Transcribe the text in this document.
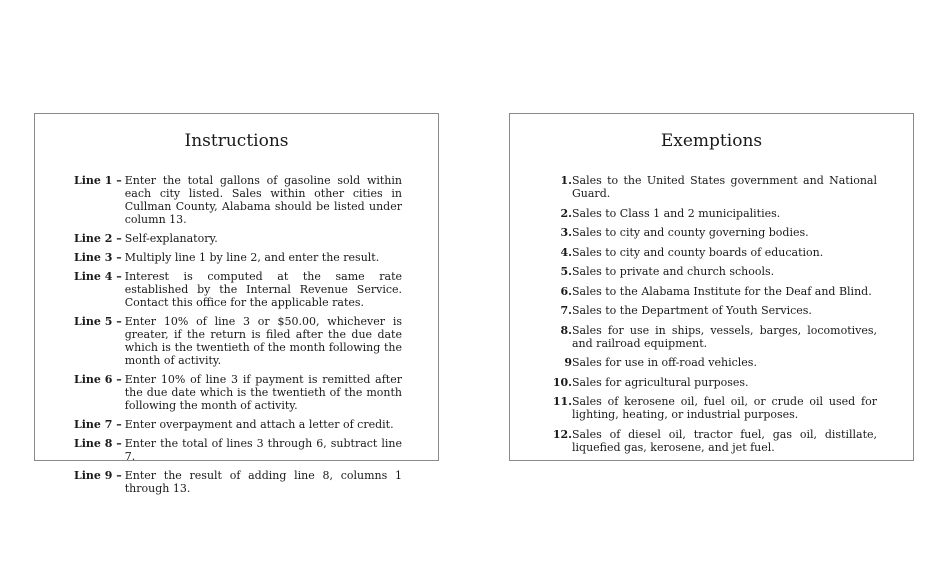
Instructions
Line 1 – Enter the total gallons of gasoline sold within each city listed. Sales within other cities in Cullman County, Alabama should be listed under column 13.
Line 2 – Self-explanatory.
Line 3 – Multiply line 1 by line 2, and enter the result.
Line 4 – Interest is computed at the same rate established by the Internal Revenue Service. Contact this office for the applicable rates.
Line 5 – Enter 10% of line 3 or $50.00, whichever is greater, if the return is filed after the due date which is the twentieth of the month following the month of activity.
Line 6 – Enter 10% of line 3 if payment is remitted after the due date which is the twentieth of the month following the month of activity.
Line 7 – Enter overpayment and attach a letter of credit.
Line 8 – Enter the total of lines 3 through 6, subtract line 7.
Line 9 – Enter the result of adding line 8, columns 1 through 13.
Exemptions
1. Sales to the United States government and National Guard.
2. Sales to Class 1 and 2 municipalities.
3. Sales to city and county governing bodies.
4. Sales to city and county boards of education.
5. Sales to private and church schools.
6. Sales to the Alabama Institute for the Deaf and Blind.
7. Sales to the Department of Youth Services.
8. Sales for use in ships, vessels, barges, locomotives, and railroad equipment.
9 Sales for use in off-road vehicles.
10. Sales for agricultural purposes.
11. Sales of kerosene oil, fuel oil, or crude oil used for lighting, heating, or industrial purposes.
12. Sales of diesel oil, tractor fuel, gas oil, distillate, liquefied gas, kerosene, and jet fuel.
